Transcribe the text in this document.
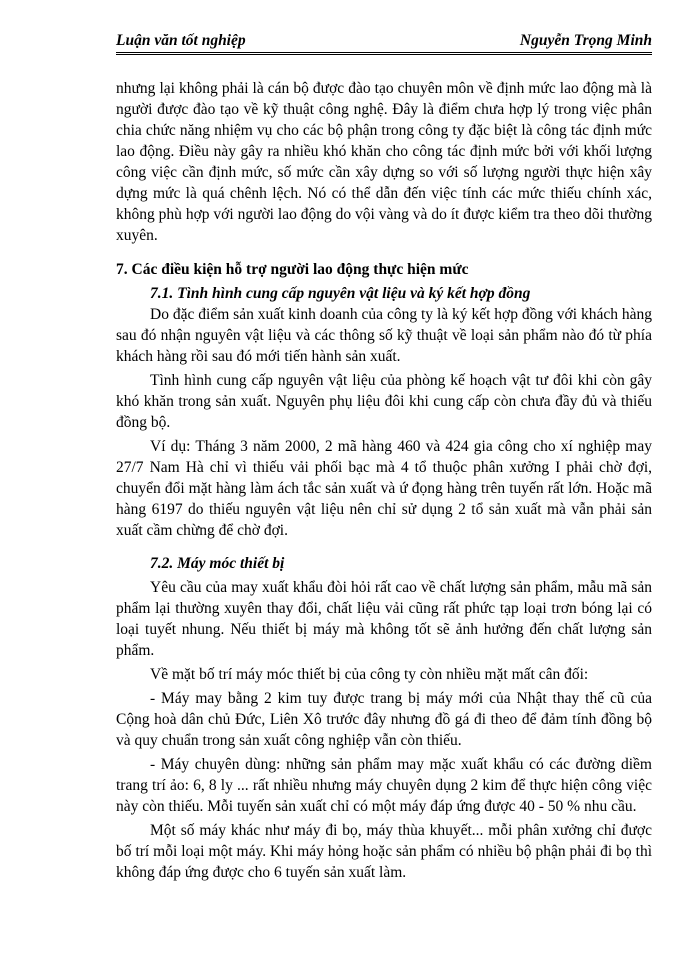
Luận văn tốt nghiệp	Nguyễn Trọng Minh

nhưng lại không phải là cán bộ được đào tạo chuyên môn về định mức lao động mà là người được đào tạo về kỹ thuật công nghệ. Đây là điểm chưa hợp lý trong việc phân chia chức năng nhiệm vụ cho các bộ phận trong công ty đặc biệt là công tác định mức lao động. Điều này gây ra nhiều khó khăn cho công tác định mức bởi với khối lượng công việc cần định mức, số mức cần xây dựng so với số lượng người thực hiện xây dựng mức là quá chênh lệch. Nó có thể dẫn đến việc tính các mức thiếu chính xác, không phù hợp với người lao động do vội vàng và do ít được kiểm tra theo dõi thường xuyên.

7. Các điều kiện hỗ trợ người lao động thực hiện mức

7.1. Tình hình cung cấp nguyên vật liệu và ký kết hợp đồng

Do đặc điểm sản xuất kinh doanh của công ty là ký kết hợp đồng với khách hàng sau đó nhận nguyên vật liệu và các thông số kỹ thuật về loại sản phẩm nào đó từ phía khách hàng rồi sau đó mới tiến hành sản xuất.

Tình hình cung cấp nguyên vật liệu của phòng kế hoạch vật tư đôi khi còn gây khó khăn trong sản xuất. Nguyên phụ liệu đôi khi cung cấp còn chưa đầy đủ và thiếu đồng bộ.

Ví dụ: Tháng 3 năm 2000, 2 mã hàng 460 và 424 gia công cho xí nghiệp may 27/7 Nam Hà chỉ vì thiếu vải phối bạc mà 4 tổ thuộc phân xưởng I phải chờ đợi, chuyển đổi mặt hàng làm ách tắc sản xuất và ứ đọng hàng trên tuyến rất lớn. Hoặc mã hàng 6197 do thiếu nguyên vật liệu nên chỉ sử dụng 2 tổ sản xuất mà vẫn phải sản xuất cầm chừng để chờ đợi.

7.2. Máy móc thiết bị

Yêu cầu của may xuất khẩu đòi hỏi rất cao về chất lượng sản phẩm, mẫu mã sản phẩm lại thường xuyên thay đổi, chất liệu vải cũng rất phức tạp loại trơn bóng lại có loại tuyết nhung. Nếu thiết bị máy mà không tốt sẽ ảnh hưởng đến chất lượng sản phẩm.

Về mặt bố trí máy móc thiết bị của công ty còn nhiều mặt mất cân đối:

- Máy may bằng 2 kim tuy được trang bị máy mới của Nhật thay thế cũ của Cộng hoà dân chủ Đức, Liên Xô trước đây nhưng đồ gá đi theo để đảm tính đồng bộ và quy chuẩn trong sản xuất công nghiệp vẫn còn thiếu.

- Máy chuyên dùng: những sản phẩm may mặc xuất khẩu có các đường diềm trang trí ảo: 6, 8 ly ... rất nhiều nhưng máy chuyên dụng 2 kim để thực hiện công việc này còn thiếu. Mỗi tuyến sản xuất chỉ có một máy đáp ứng được 40 - 50 % nhu cầu.

Một số máy khác như máy đi bọ, máy thùa khuyết... mỗi phân xưởng chỉ được bố trí mỗi loại một máy. Khi máy hỏng hoặc sản phẩm có nhiều bộ phận phải đi bọ thì không đáp ứng được cho 6 tuyến sản xuất làm.
